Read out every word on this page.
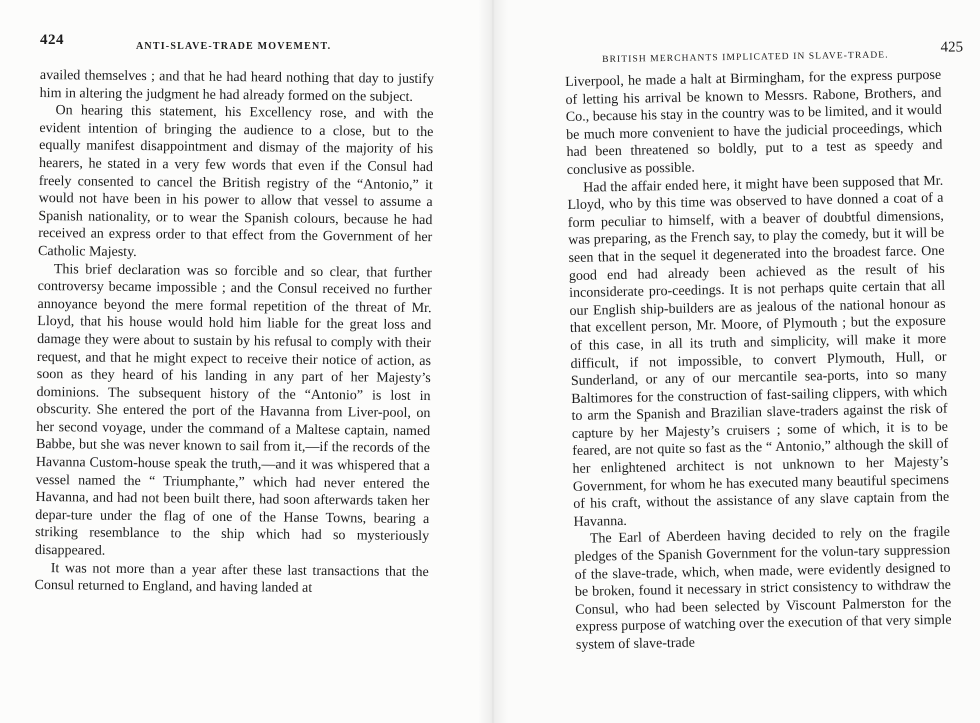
424	ANTI-SLAVE-TRADE MOVEMENT.

availed themselves ; and that he had heard nothing that day to justify him in altering the judgment he had already formed on the subject.

On hearing this statement, his Excellency rose, and with the evident intention of bringing the audience to a close, but to the equally manifest disappointment and dismay of the majority of his hearers, he stated in a very few words that even if the Consul had freely consented to cancel the British registry of the “Antonio,” it would not have been in his power to allow that vessel to assume a Spanish nationality, or to wear the Spanish colours, because he had received an express order to that effect from the Government of her Catholic Majesty.

This brief declaration was so forcible and so clear, that further controversy became impossible ; and the Consul received no further annoyance beyond the mere formal repetition of the threat of Mr. Lloyd, that his house would hold him liable for the great loss and damage they were about to sustain by his refusal to comply with their request, and that he might expect to receive their notice of action, as soon as they heard of his landing in any part of her Majesty’s dominions. The subsequent history of the “Antonio” is lost in obscurity. She entered the port of the Havanna from Liver-pool, on her second voyage, under the command of a Maltese captain, named Babbe, but she was never known to sail from it,—if the records of the Havanna Custom-house speak the truth,—and it was whispered that a vessel named the “ Triumphante,” which had never entered the Havanna, and had not been built there, had soon afterwards taken her depar-ture under the flag of one of the Hanse Towns, bearing a striking resemblance to the ship which had so mysteriously disappeared.

It was not more than a year after these last transactions that the Consul returned to England, and having landed at

BRITISH MERCHANTS IMPLICATED IN SLAVE-TRADE.
425

Liverpool, he made a halt at Birmingham, for the express purpose of letting his arrival be known to Messrs. Rabone, Brothers, and Co., because his stay in the country was to be limited, and it would be much more convenient to have the judicial proceedings, which had been threatened so boldly, put to a test as speedy and conclusive as possible.

Had the affair ended here, it might have been supposed that Mr. Lloyd, who by this time was observed to have donned a coat of a form peculiar to himself, with a beaver of doubtful dimensions, was preparing, as the French say, to play the comedy, but it will be seen that in the sequel it degenerated into the broadest farce. One good end had already been achieved as the result of his inconsiderate pro-ceedings. It is not perhaps quite certain that all our English ship-builders are as jealous of the national honour as that excellent person, Mr. Moore, of Plymouth ; but the exposure of this case, in all its truth and simplicity, will make it more difficult, if not impossible, to convert Plymouth, Hull, or Sunderland, or any of our mercantile sea-ports, into so many Baltimores for the construction of fast-sailing clippers, with which to arm the Spanish and Brazilian slave-traders against the risk of capture by her Majesty’s cruisers ; some of which, it is to be feared, are not quite so fast as the “ Antonio,” although the skill of her enlightened architect is not unknown to her Majesty’s Government, for whom he has executed many beautiful specimens of his craft, without the assistance of any slave captain from the Havanna.

The Earl of Aberdeen having decided to rely on the fragile pledges of the Spanish Government for the volun-tary suppression of the slave-trade, which, when made, were evidently designed to be broken, found it necessary in strict consistency to withdraw the Consul, who had been selected by Viscount Palmerston for the express purpose of watching over the execution of that very simple system of slave-trade
